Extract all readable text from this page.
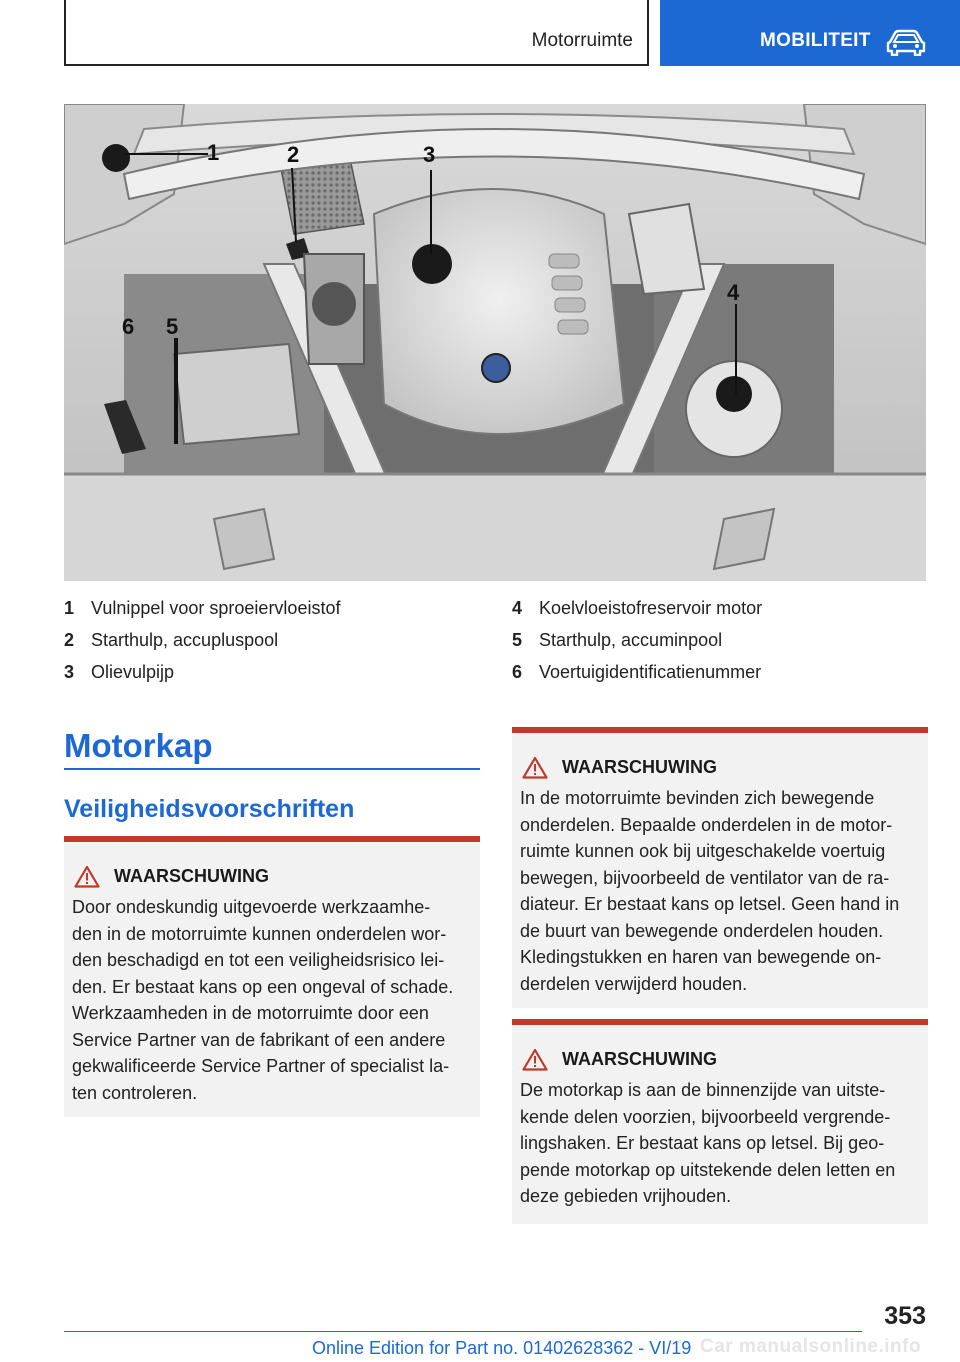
Motorruimte	MOBILITEIT
1	2	3
4
5
6
1 Vulnippel voor sproeiervloeistof
2 Starthulp, accupluspool
3 Olievulpijp
4 Koelvloeistofreservoir motor
5 Starthulp, accuminpool
6 Voertuigidentificatienummer
Motorkap
Veiligheidsvoorschriften
WAARSCHUWING
Door ondeskundig uitgevoerde werkzaamhe-
den in de motorruimte kunnen onderdelen wor-
den beschadigd en tot een veiligheidsrisico lei-
den. Er bestaat kans op een ongeval of schade.
Werkzaamheden in de motorruimte door een
Service Partner van de fabrikant of een andere
gekwalificeerde Service Partner of specialist la-
ten controleren.
WAARSCHUWING
In de motorruimte bevinden zich bewegende
onderdelen. Bepaalde onderdelen in de motor-
ruimte kunnen ook bij uitgeschakelde voertuig
bewegen, bijvoorbeeld de ventilator van de ra-
diateur. Er bestaat kans op letsel. Geen hand in
de buurt van bewegende onderdelen houden.
Kledingstukken en haren van bewegende on-
derdelen verwijderd houden.
WAARSCHUWING
De motorkap is aan de binnenzijde van uitste-
kende delen voorzien, bijvoorbeeld vergrende-
lingshaken. Er bestaat kans op letsel. Bij geo-
pende motorkap op uitstekende delen letten en
deze gebieden vrijhouden.
353
Online Edition for Part no. 01402628362 - VI/19 Car manualsonline.info
